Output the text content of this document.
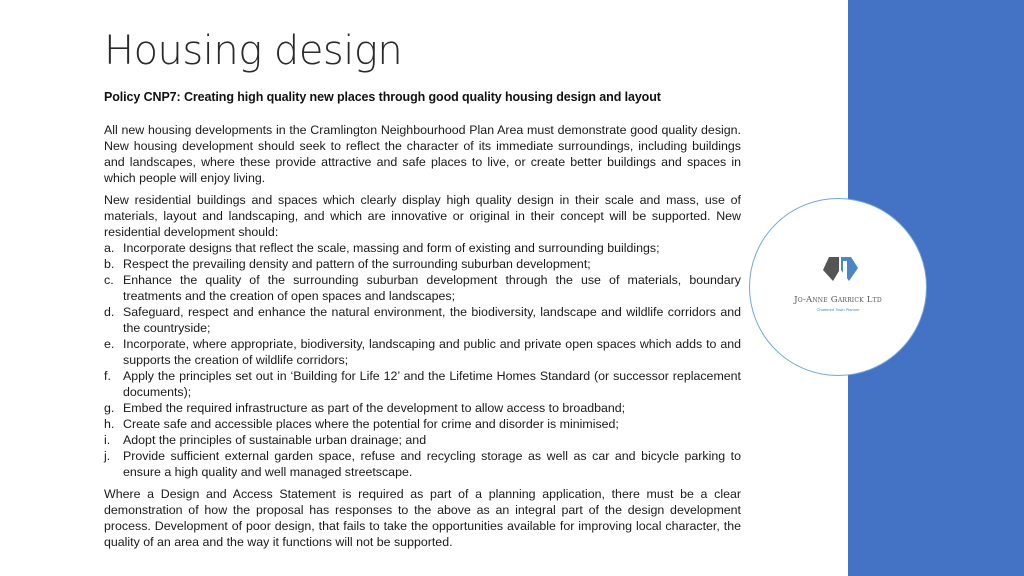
Housing design

Policy CNP7: Creating high quality new places through good quality housing design and layout

All new housing developments in the Cramlington Neighbourhood Plan Area must demonstrate good quality design. New housing development should seek to reflect the character of its immediate surroundings, including buildings and landscapes, where these provide attractive and safe places to live, or create better buildings and spaces in which people will enjoy living.

New residential buildings and spaces which clearly display high quality design in their scale and mass, use of materials, layout and landscaping, and which are innovative or original in their concept will be supported. New residential development should:

a. Incorporate designs that reflect the scale, massing and form of existing and surrounding buildings;
b. Respect the prevailing density and pattern of the surrounding suburban development;
c. Enhance the quality of the surrounding suburban development through the use of materials, boundary treatments and the creation of open spaces and landscapes;
d. Safeguard, respect and enhance the natural environment, the biodiversity, landscape and wildlife corridors and the countryside;
e. Incorporate, where appropriate, biodiversity, landscaping and public and private open spaces which adds to and supports the creation of wildlife corridors;
f. Apply the principles set out in ‘Building for Life 12’ and the Lifetime Homes Standard (or successor replacement documents);
g. Embed the required infrastructure as part of the development to allow access to broadband;
h. Create safe and accessible places where the potential for crime and disorder is minimised;
i. Adopt the principles of sustainable urban drainage; and
j. Provide sufficient external garden space, refuse and recycling storage as well as car and bicycle parking to ensure a high quality and well managed streetscape.

Where a Design and Access Statement is required as part of a planning application, there must be a clear demonstration of how the proposal has responses to the above as an integral part of the design development process. Development of poor design, that fails to take the opportunities available for improving local character, the quality of an area and the way it functions will not be supported.

Jo-Anne Garrick Ltd
Chartered Town Planner
